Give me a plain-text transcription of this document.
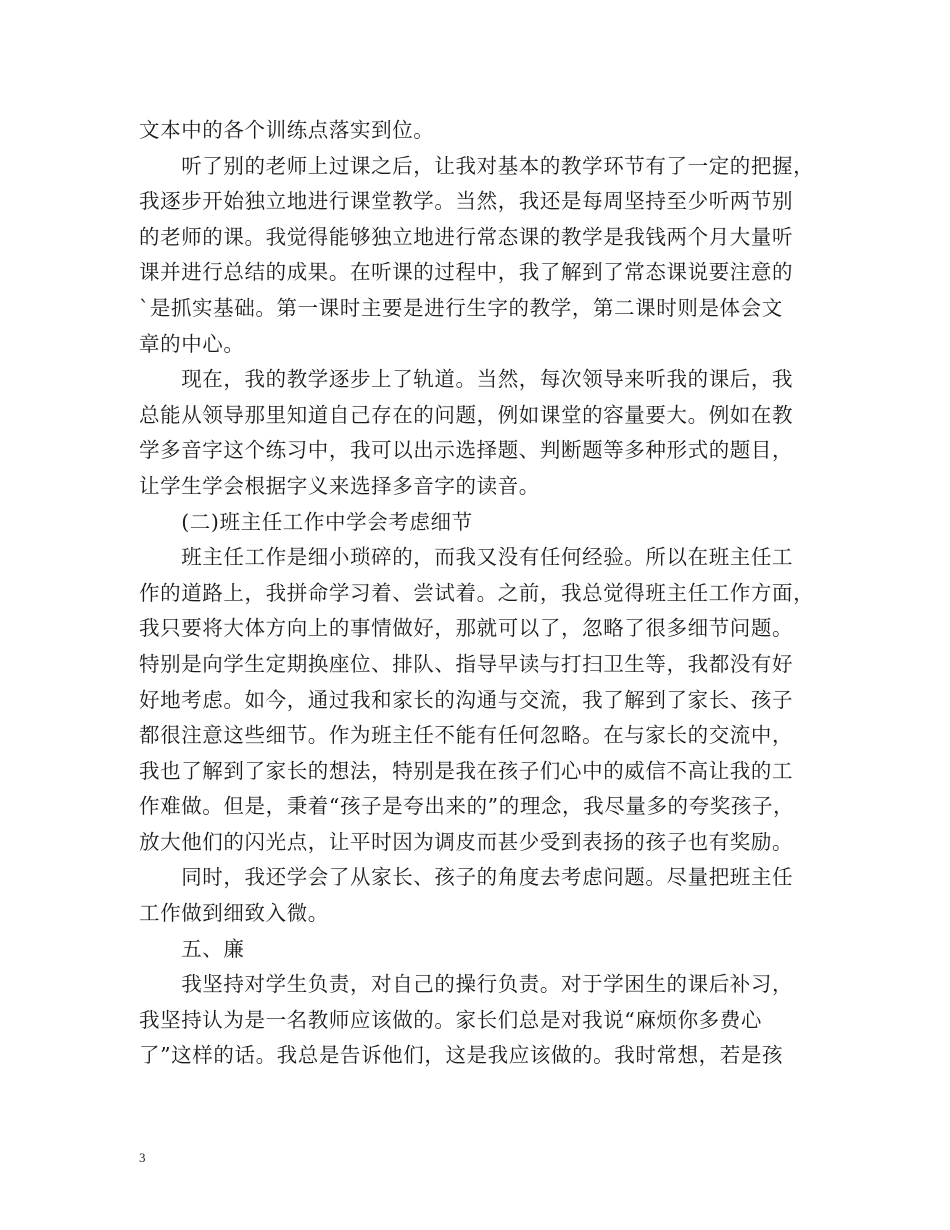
文本中的各个训练点落实到位。
　　听了别的老师上过课之后，让我对基本的教学环节有了一定的把握，
我逐步开始独立地进行课堂教学。当然，我还是每周坚持至少听两节别
的老师的课。我觉得能够独立地进行常态课的教学是我钱两个月大量听
课并进行总结的成果。在听课的过程中，我了解到了常态课说要注意的
`是抓实基础。第一课时主要是进行生字的教学，第二课时则是体会文
章的中心。
　　现在，我的教学逐步上了轨道。当然，每次领导来听我的课后，我
总能从领导那里知道自己存在的问题，例如课堂的容量要大。例如在教
学多音字这个练习中，我可以出示选择题、判断题等多种形式的题目，
让学生学会根据字义来选择多音字的读音。
　　(二)班主任工作中学会考虑细节
　　班主任工作是细小琐碎的，而我又没有任何经验。所以在班主任工
作的道路上，我拼命学习着、尝试着。之前，我总觉得班主任工作方面，
我只要将大体方向上的事情做好，那就可以了，忽略了很多细节问题。
特别是向学生定期换座位、排队、指导早读与打扫卫生等，我都没有好
好地考虑。如今，通过我和家长的沟通与交流，我了解到了家长、孩子
都很注意这些细节。作为班主任不能有任何忽略。在与家长的交流中，
我也了解到了家长的想法，特别是我在孩子们心中的威信不高让我的工
作难做。但是，秉着“孩子是夸出来的”的理念，我尽量多的夸奖孩子，
放大他们的闪光点，让平时因为调皮而甚少受到表扬的孩子也有奖励。
　　同时，我还学会了从家长、孩子的角度去考虑问题。尽量把班主任
工作做到细致入微。
　　五、廉
　　我坚持对学生负责，对自己的操行负责。对于学困生的课后补习，
我坚持认为是一名教师应该做的。家长们总是对我说“麻烦你多费心
了”这样的话。我总是告诉他们，这是我应该做的。我时常想，若是孩
3
